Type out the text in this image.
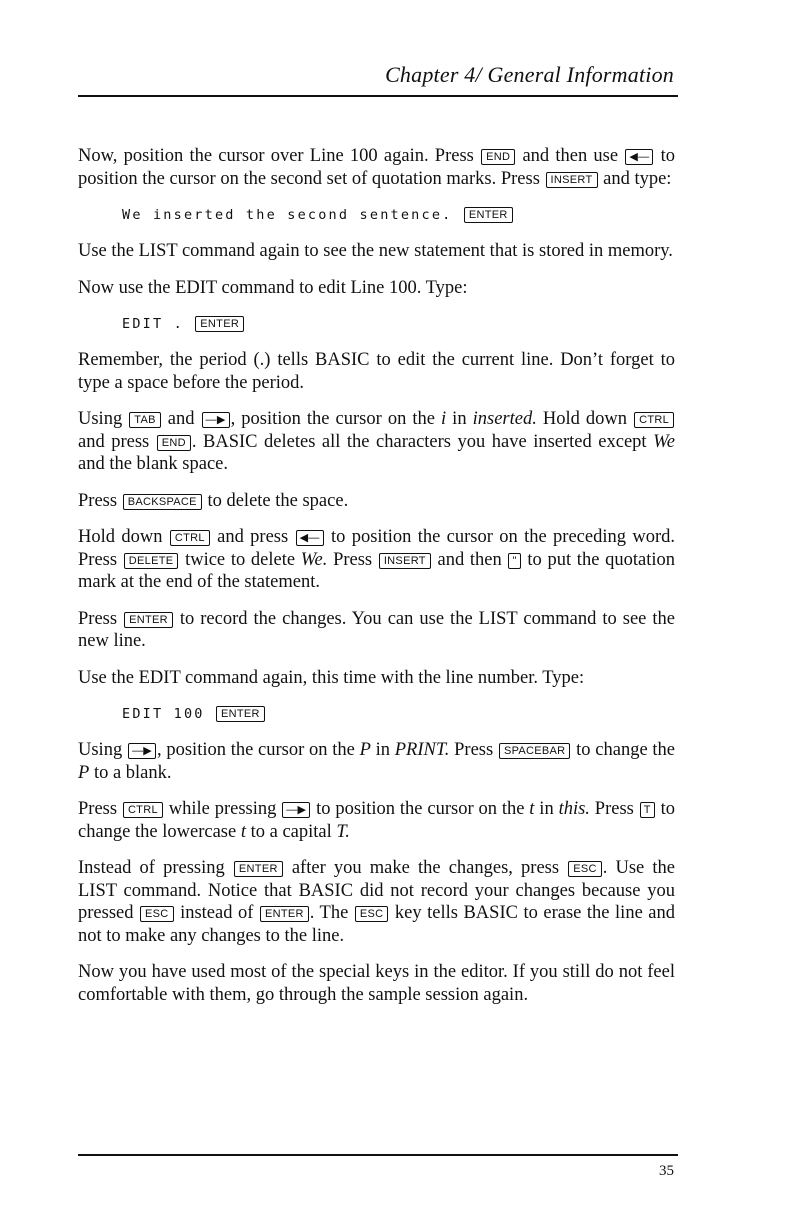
Chapter 4/ General Information

Now, position the cursor over Line 100 again. Press END and then use ◀— to position the cursor on the second set of quotation marks. Press INSERT and type:

We inserted the second sentence. ENTER

Use the LIST command again to see the new statement that is stored in memory.

Now use the EDIT command to edit Line 100. Type:

EDIT . ENTER

Remember, the period (.) tells BASIC to edit the current line. Don’t forget to type a space before the period.

Using TAB and —▶ , position the cursor on the i in inserted. Hold down CTRL and press END . BASIC deletes all the characters you have inserted except We and the blank space.

Press BACKSPACE to delete the space.

Hold down CTRL and press ◀— to position the cursor on the preceding word. Press DELETE twice to delete We. Press INSERT and then " to put the quotation mark at the end of the statement.

Press ENTER to record the changes. You can use the LIST command to see the new line.

Use the EDIT command again, this time with the line number. Type:

EDIT 100 ENTER

Using —▶ , position the cursor on the P in PRINT. Press SPACEBAR to change the P to a blank.

Press CTRL while pressing —▶ to position the cursor on the t in this. Press T to change the lowercase t to a capital T.

Instead of pressing ENTER after you make the changes, press ESC . Use the LIST command. Notice that BASIC did not record your changes because you pressed ESC instead of ENTER . The ESC key tells BASIC to erase the line and not to make any changes to the line.

Now you have used most of the special keys in the editor. If you still do not feel comfortable with them, go through the sample session again.

35
